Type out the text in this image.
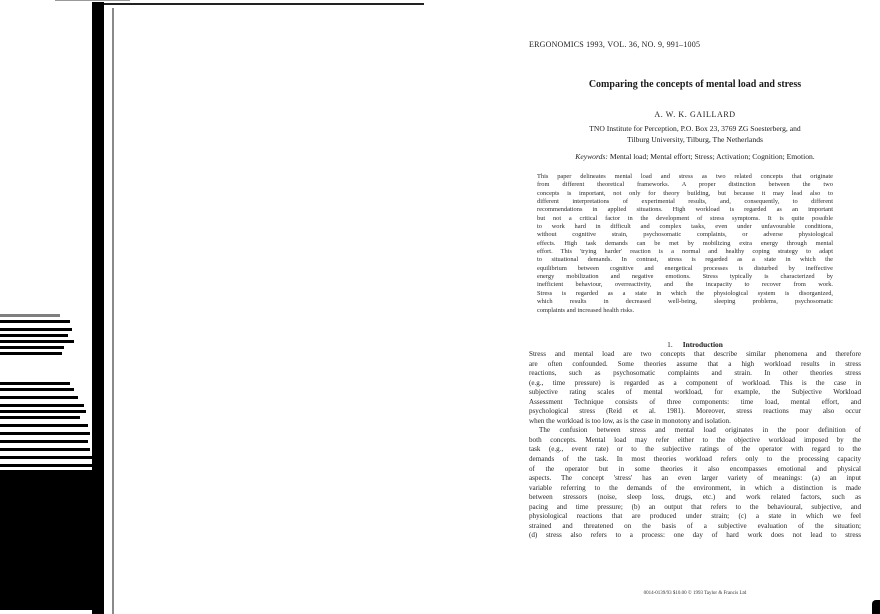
ERGONOMICS 1993, VOL. 36, NO. 9, 991–1005
Comparing the concepts of mental load and stress
A. W. K. GAILLARD
TNO Institute for Perception, P.O. Box 23, 3769 ZG Soesterberg, and
Tilburg University, Tilburg, The Netherlands
Keywords: Mental load; Mental effort; Stress; Activation; Cognition; Emotion.
This paper delineates mental load and stress as two related concepts that originate
from different theoretical frameworks. A proper distinction between the two
concepts is important, not only for theory building, but because it may lead also to
different interpretations of experimental results, and, consequently, to different
recommendations in applied situations. High workload is regarded as an important
but not a critical factor in the development of stress symptoms. It is quite possible
to work hard in difficult and complex tasks, even under unfavourable conditions,
without cognitive strain, psychosomatic complaints, or adverse physiological
effects. High task demands can be met by mobilizing extra energy through mental
effort. This 'trying harder' reaction is a normal and healthy coping strategy to adapt
to situational demands. In contrast, stress is regarded as a state in which the
equilibrium between cognitive and energetical processes is disturbed by ineffective
energy mobilization and negative emotions. Stress typically is characterized by
inefficient behaviour, overreactivity, and the incapacity to recover from work.
Stress is regarded as a state in which the physiological system is disorganized,
which results in decreased well-being, sleeping problems, psychosomatic
complaints and increased health risks.
1. Introduction
Stress and mental load are two concepts that describe similar phenomena and therefore
are often confounded. Some theories assume that a high workload results in stress
reactions, such as psychosomatic complaints and strain. In other theories stress
(e.g., time pressure) is regarded as a component of workload. This is the case in
subjective rating scales of mental workload, for example, the Subjective Workload
Assessment Technique consists of three components: time load, mental effort, and
psychological stress (Reid et al. 1981). Moreover, stress reactions may also occur
when the workload is too low, as is the case in monotony and isolation.
The confusion between stress and mental load originates in the poor definition of
both concepts. Mental load may refer either to the objective workload imposed by the
task (e.g., event rate) or to the subjective ratings of the operator with regard to the
demands of the task. In most theories workload refers only to the processing capacity
of the operator but in some theories it also encompasses emotional and physical
aspects. The concept 'stress' has an even larger variety of meanings: (a) an input
variable referring to the demands of the environment, in which a distinction is made
between stressors (noise, sleep loss, drugs, etc.) and work related factors, such as
pacing and time pressure; (b) an output that refers to the behavioural, subjective, and
physiological reactions that are produced under strain; (c) a state in which we feel
strained and threatened on the basis of a subjective evaluation of the situation;
(d) stress also refers to a process: one day of hard work does not lead to stress
0014-0139/93 $10.00 © 1993 Taylor & Francis Ltd
